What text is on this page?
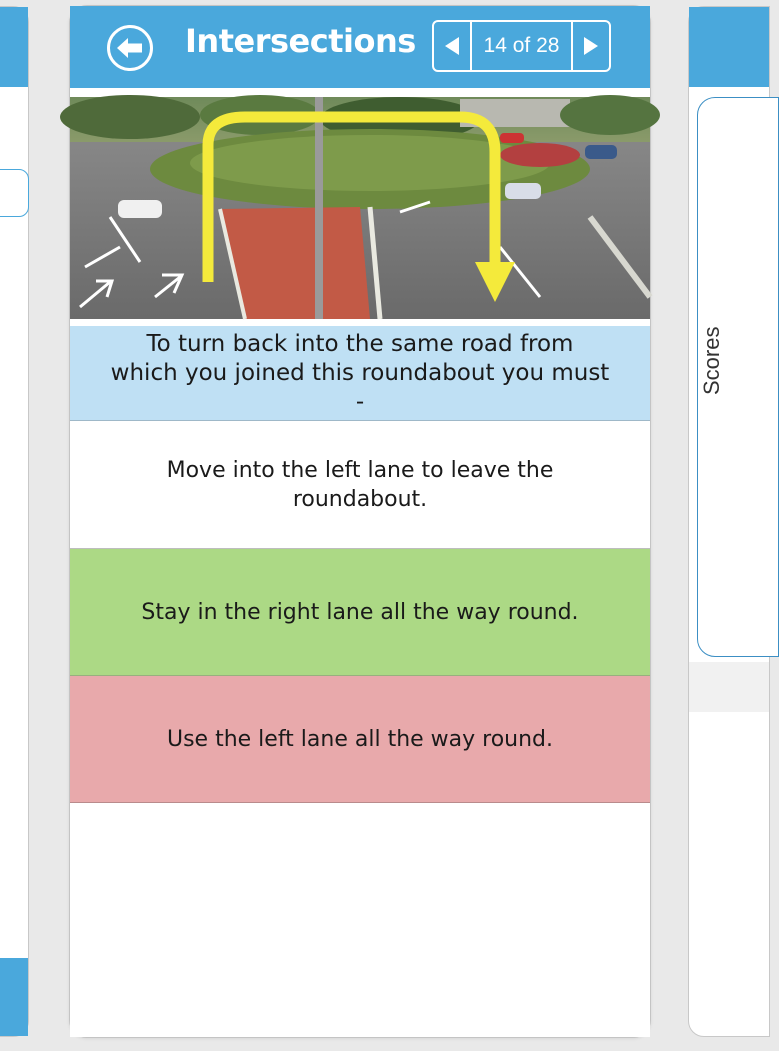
Scores
Intersections	14 of 28
To turn back into the same road from which you joined this roundabout you must -
Move into the left lane to leave the roundabout.
Stay in the right lane all the way round.
Use the left lane all the way round.
